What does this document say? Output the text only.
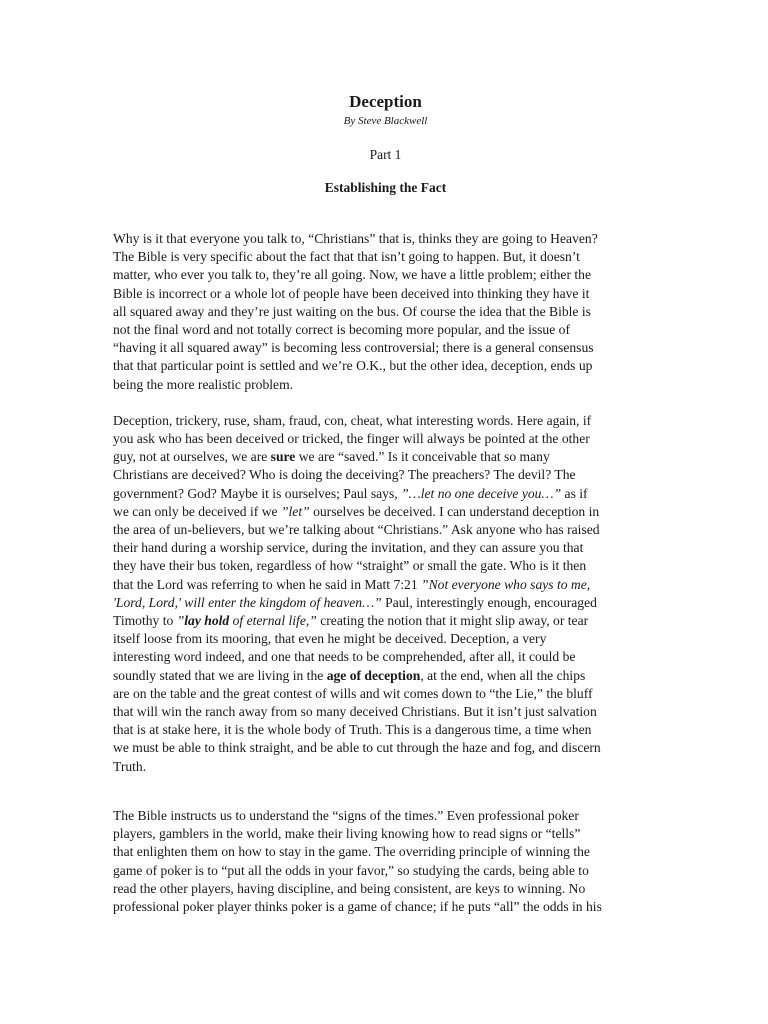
Deception

By Steve Blackwell

Part 1

Establishing the Fact

Why is it that everyone you talk to, “Christians” that is, thinks they are going to Heaven?
The Bible is very specific about the fact that that isn’t going to happen. But, it doesn’t
matter, who ever you talk to, they’re all going. Now, we have a little problem; either the
Bible is incorrect or a whole lot of people have been deceived into thinking they have it
all squared away and they’re just waiting on the bus. Of course the idea that the Bible is
not the final word and not totally correct is becoming more popular, and the issue of
“having it all squared away” is becoming less controversial; there is a general consensus
that that particular point is settled and we’re O.K., but the other idea, deception, ends up
being the more realistic problem.
Deception, trickery, ruse, sham, fraud, con, cheat, what interesting words. Here again, if
you ask who has been deceived or tricked, the finger will always be pointed at the other
guy, not at ourselves, we are sure we are “saved.” Is it conceivable that so many
Christians are deceived? Who is doing the deceiving? The preachers? The devil? The
government? God? Maybe it is ourselves; Paul says, ”…let no one deceive you…” as if
we can only be deceived if we ”let” ourselves be deceived. I can understand deception in
the area of un-believers, but we’re talking about “Christians.” Ask anyone who has raised
their hand during a worship service, during the invitation, and they can assure you that
they have their bus token, regardless of how “straight” or small the gate. Who is it then
that the Lord was referring to when he said in Matt 7:21 ”Not everyone who says to me,
'Lord, Lord,' will enter the kingdom of heaven…” Paul, interestingly enough, encouraged
Timothy to ”lay hold of eternal life,” creating the notion that it might slip away, or tear
itself loose from its mooring, that even he might be deceived. Deception, a very
interesting word indeed, and one that needs to be comprehended, after all, it could be
soundly stated that we are living in the age of deception, at the end, when all the chips
are on the table and the great contest of wills and wit comes down to “the Lie,” the bluff
that will win the ranch away from so many deceived Christians. But it isn’t just salvation
that is at stake here, it is the whole body of Truth. This is a dangerous time, a time when
we must be able to think straight, and be able to cut through the haze and fog, and discern
Truth.
The Bible instructs us to understand the “signs of the times.” Even professional poker
players, gamblers in the world, make their living knowing how to read signs or “tells”
that enlighten them on how to stay in the game. The overriding principle of winning the
game of poker is to “put all the odds in your favor,” so studying the cards, being able to
read the other players, having discipline, and being consistent, are keys to winning. No
professional poker player thinks poker is a game of chance; if he puts “all” the odds in his
